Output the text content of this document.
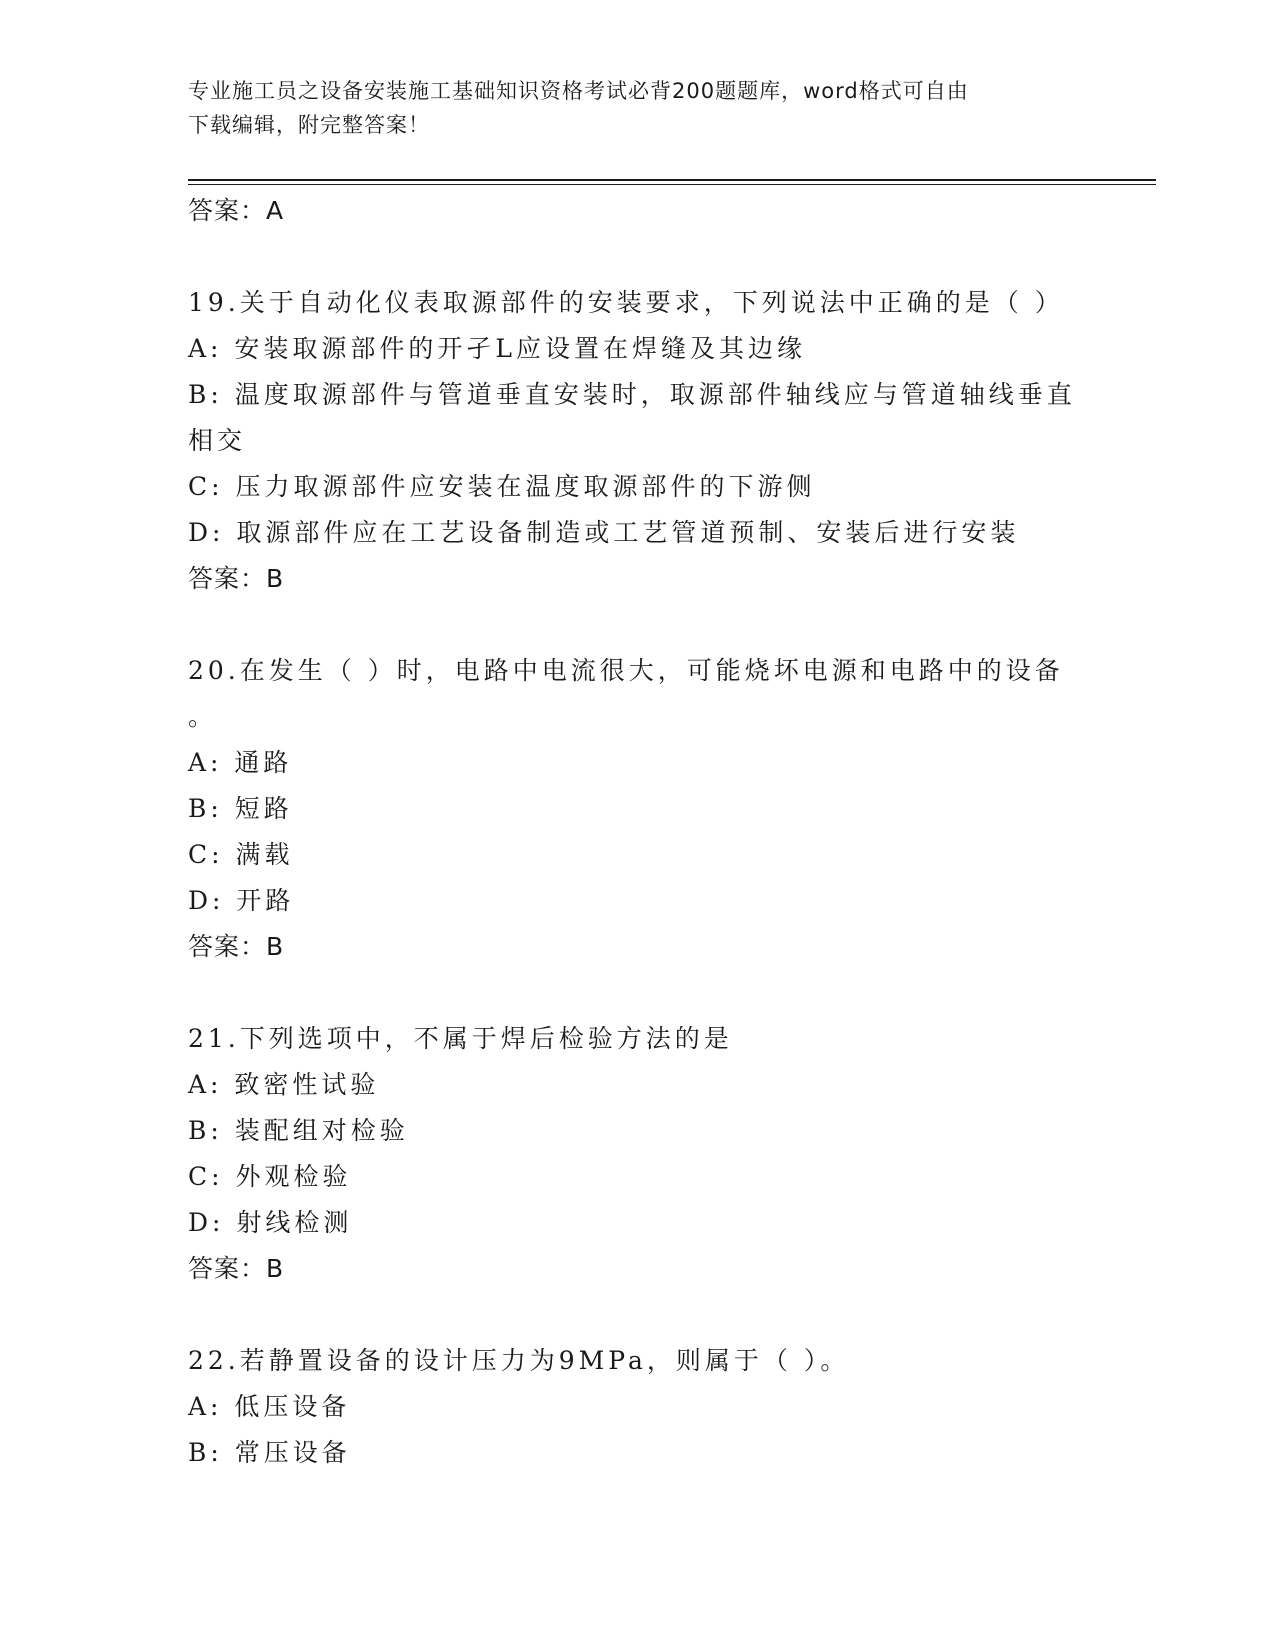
专业施工员之设备安装施工基础知识资格考试必背200题题库，word格式可自由
下载编辑，附完整答案！
答案：A
19.关于自动化仪表取源部件的安装要求，下列说法中正确的是（ ）
A: 安装取源部件的开孑L应设置在焊缝及其边缘
B: 温度取源部件与管道垂直安装时，取源部件轴线应与管道轴线垂直
相交
C: 压力取源部件应安装在温度取源部件的下游侧
D: 取源部件应在工艺设备制造或工艺管道预制、安装后进行安装
答案：B
20.在发生（ ）时，电路中电流很大，可能烧坏电源和电路中的设备
。
A: 通路
B: 短路
C: 满载
D: 开路
答案：B
21.下列选项中，不属于焊后检验方法的是
A: 致密性试验
B: 装配组对检验
C: 外观检验
D: 射线检测
答案：B
22.若静置设备的设计压力为9MPa，则属于（ ）。
A: 低压设备
B: 常压设备
